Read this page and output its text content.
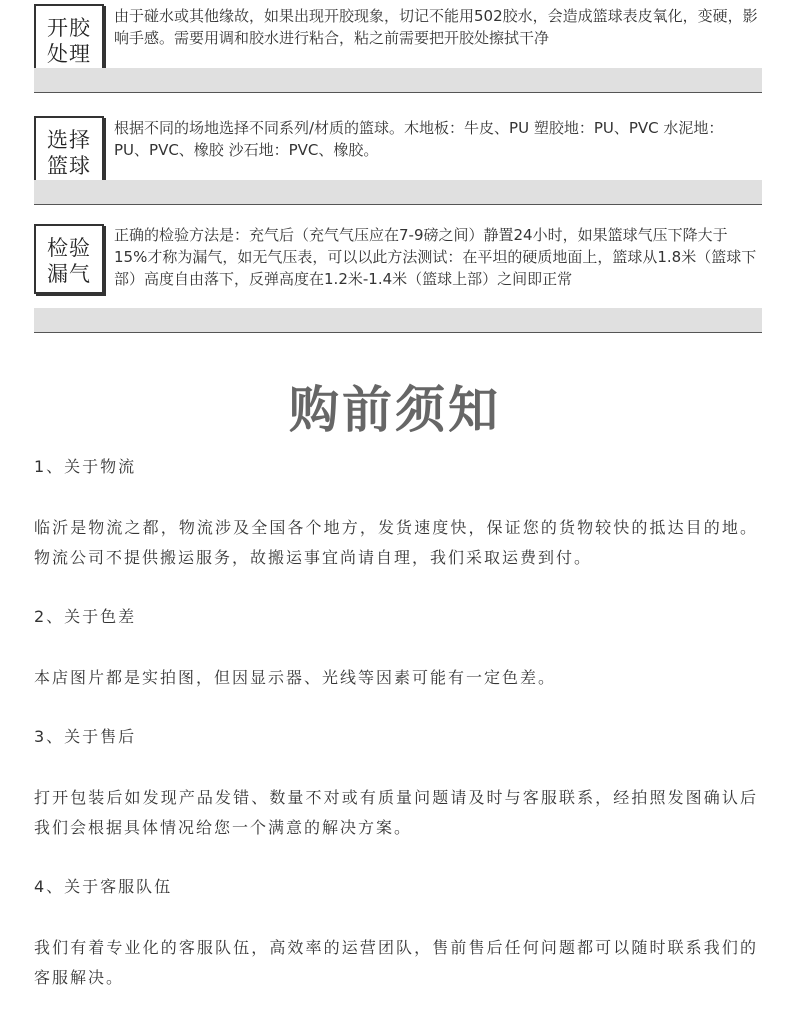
开胶
处理
由于碰水或其他缘故，如果出现开胶现象，切记不能用502胶水，会造成篮球表皮氧化，变硬，影响手感。需要用调和胶水进行粘合，粘之前需要把开胶处擦拭干净
选择
篮球
根据不同的场地选择不同系列/材质的篮球。木地板：牛皮、PU 塑胶地：PU、PVC 水泥地：PU、PVC、橡胶 沙石地：PVC、橡胶。
检验
漏气
正确的检验方法是：充气后（充气气压应在7-9磅之间）静置24小时，如果篮球气压下降大于15%才称为漏气，如无气压表，可以以此方法测试：在平坦的硬质地面上，篮球从1.8米（篮球下部）高度自由落下，反弹高度在1.2米-1.4米（篮球上部）之间即正常
购前须知
1、关于物流
临沂是物流之都，物流涉及全国各个地方，发货速度快，保证您的货物较快的抵达目的地。物流公司不提供搬运服务，故搬运事宜尚请自理，我们采取运费到付。
2、关于色差
本店图片都是实拍图，但因显示器、光线等因素可能有一定色差。
3、关于售后
打开包装后如发现产品发错、数量不对或有质量问题请及时与客服联系，经拍照发图确认后我们会根据具体情况给您一个满意的解决方案。
4、关于客服队伍
我们有着专业化的客服队伍，高效率的运营团队，售前售后任何问题都可以随时联系我们的客服解决。
